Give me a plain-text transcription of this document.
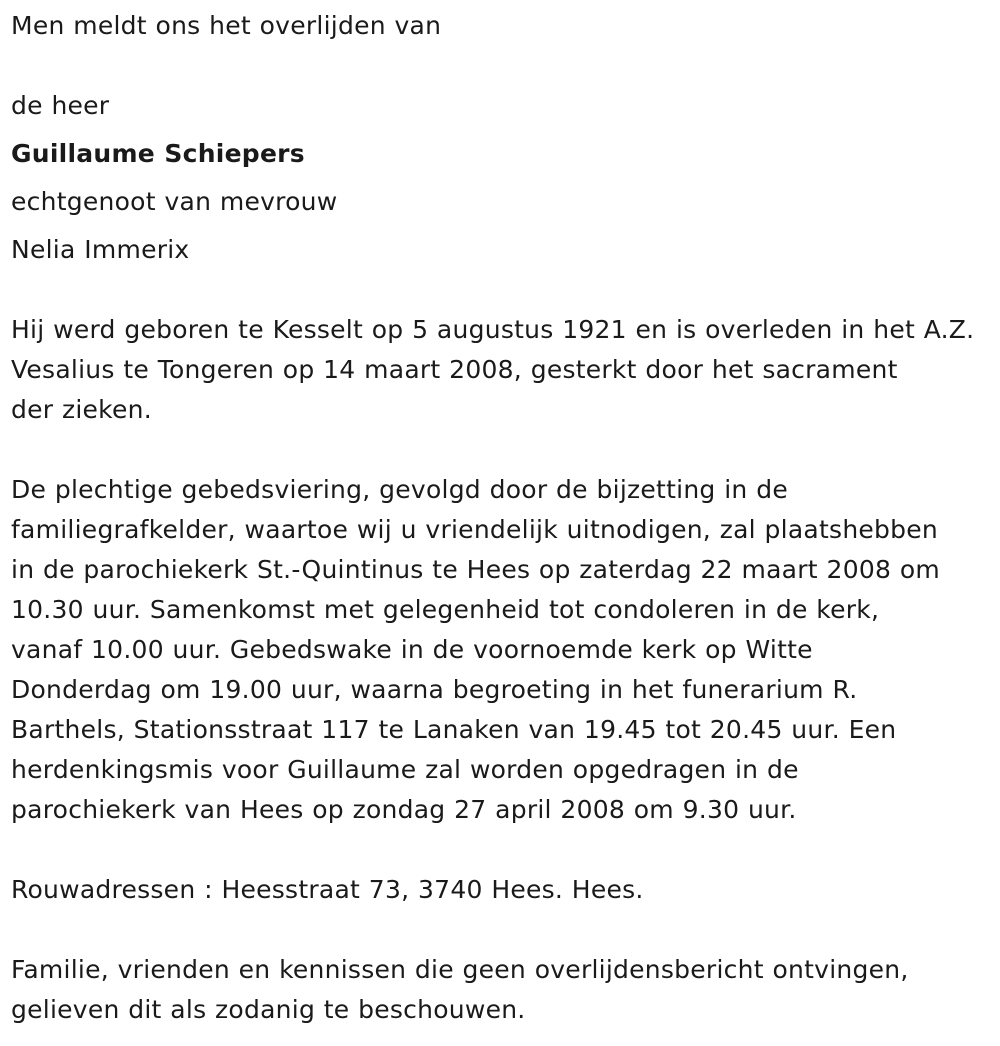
Men meldt ons het overlijden van
de heer
Guillaume Schiepers
echtgenoot van mevrouw
Nelia Immerix
Hij werd geboren te Kesselt op 5 augustus 1921 en is overleden in het A.Z.
Vesalius te Tongeren op 14 maart 2008, gesterkt door het sacrament
der zieken.
De plechtige gebedsviering, gevolgd door de bijzetting in de
familiegrafkelder, waartoe wij u vriendelijk uitnodigen, zal plaatshebben
in de parochiekerk St.-Quintinus te Hees op zaterdag 22 maart 2008 om
10.30 uur. Samenkomst met gelegenheid tot condoleren in de kerk,
vanaf 10.00 uur. Gebedswake in de voornoemde kerk op Witte
Donderdag om 19.00 uur, waarna begroeting in het funerarium R.
Barthels, Stationsstraat 117 te Lanaken van 19.45 tot 20.45 uur. Een
herdenkingsmis voor Guillaume zal worden opgedragen in de
parochiekerk van Hees op zondag 27 april 2008 om 9.30 uur.
Rouwadressen : Heesstraat 73, 3740 Hees. Hees.
Familie, vrienden en kennissen die geen overlijdensbericht ontvingen,
gelieven dit als zodanig te beschouwen.
